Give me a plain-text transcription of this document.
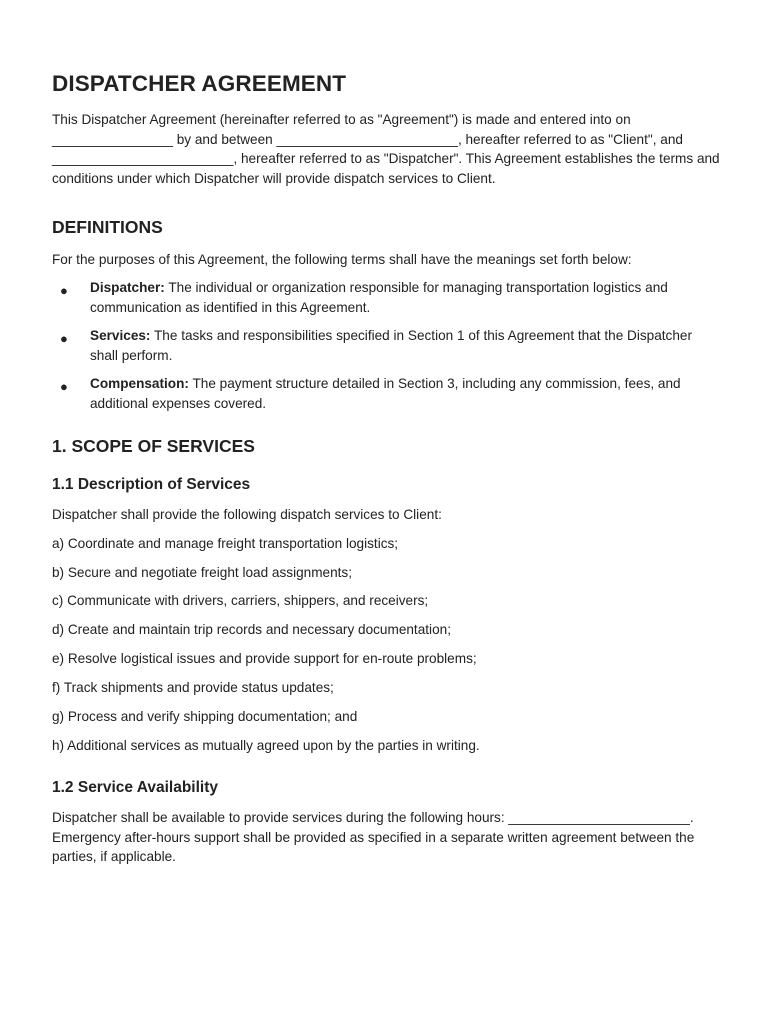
DISPATCHER AGREEMENT

This Dispatcher Agreement (hereinafter referred to as "Agreement") is made and entered into on ________________ by and between ________________________, hereafter referred to as "Client", and ________________________, hereafter referred to as "Dispatcher". This Agreement establishes the terms and conditions under which Dispatcher will provide dispatch services to Client.

DEFINITIONS

For the purposes of this Agreement, the following terms shall have the meanings set forth below:

● Dispatcher: The individual or organization responsible for managing transportation logistics and communication as identified in this Agreement.
● Services: The tasks and responsibilities specified in Section 1 of this Agreement that the Dispatcher shall perform.
● Compensation: The payment structure detailed in Section 3, including any commission, fees, and additional expenses covered.
1. SCOPE OF SERVICES
1.1 Description of Services

Dispatcher shall provide the following dispatch services to Client:

a) Coordinate and manage freight transportation logistics;

b) Secure and negotiate freight load assignments;

c) Communicate with drivers, carriers, shippers, and receivers;

d) Create and maintain trip records and necessary documentation;

e) Resolve logistical issues and provide support for en-route problems;

f) Track shipments and provide status updates;

g) Process and verify shipping documentation; and

h) Additional services as mutually agreed upon by the parties in writing.

1.2 Service Availability

Dispatcher shall be available to provide services during the following hours: ________________________. Emergency after-hours support shall be provided as specified in a separate written agreement between the parties, if applicable.
